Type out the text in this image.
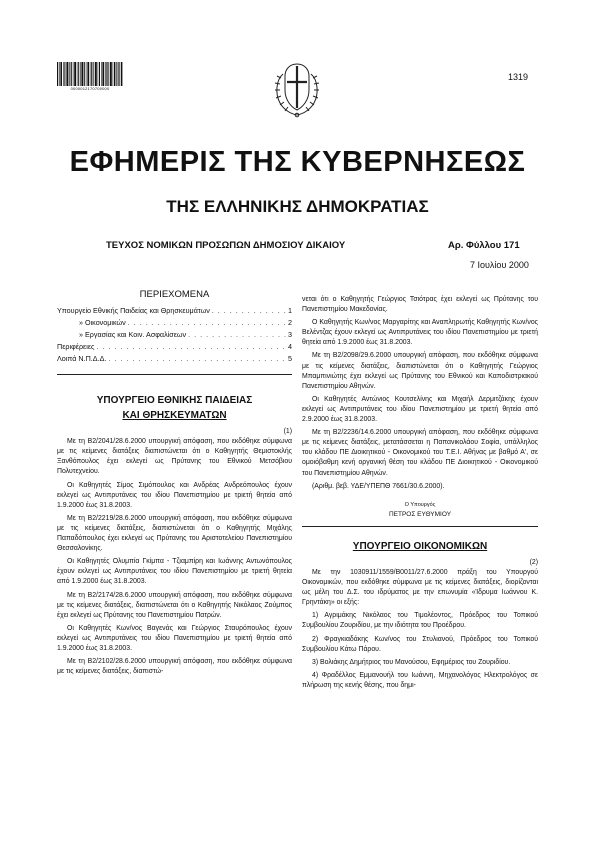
0000012170700000
1319
ΕΦΗΜΕΡΙΣ ΤΗΣ ΚΥΒΕΡΝΗΣΕΩΣ
ΤΗΣ ΕΛΛΗΝΙΚΗΣ ΔΗΜΟΚΡΑΤΙΑΣ
ΤΕΥΧΟΣ ΝΟΜΙΚΩΝ ΠΡΟΣΩΠΩΝ ΔΗΜΟΣΙΟΥ ΔΙΚΑΙΟΥ	Αρ. Φύλλου 171
7 Ιουλίου 2000
ΠΕΡΙΕΧΟΜΕΝΑ
Υπουργείο Εθνικής Παιδείας και Θρησκευμάτων . . .	1
» Οικονομικών . . .	2
» Εργασίας και Κοιν. Ασφαλίσεων . . .	3
Περιφέρειες . . .	4
Λοιπά Ν.Π.Δ.Δ. . . .	5
ΥΠΟΥΡΓΕΙΟ ΕΘΝΙΚΗΣ ΠΑΙΔΕΙΑΣ
ΚΑΙ ΘΡΗΣΚΕΥΜΑΤΩΝ
(1)

Με τη Β2/2041/28.6.2000 υπουργική απόφαση, που εκδόθηκε σύμφωνα με τις κείμενες διατάξεις διαπιστώνεται ότι ο Καθηγητής Θεμιστοκλής Ξανθόπουλος έχει εκλεγεί ως Πρύτανης του Εθνικού Μετσόβιου Πολυτεχνείου.

Οι Καθηγητές Σίμος Σιμόπουλος και Ανδρέας Ανδρεόπουλος έχουν εκλεγεί ως Αντιπρυτάνεις του ιδίου Πανεπιστημίου με τριετή θητεία από 1.9.2000 έως 31.8.2003.

Με τη Β2/2219/28.6.2000 υπουργική απόφαση, που εκδόθηκε σύμφωνα με τις κείμενες διατάξεις, διαπιστώνεται ότι ο Καθηγητής Μιχάλης Παπαδόπουλος έχει εκλεγεί ως Πρύτανης του Αριστοτελείου Πανεπιστημίου Θεσσαλονίκης.

Οι Καθηγητές Ολυμπία Γκίμπα - Τζιαμπίρη και Ιωάννης Αντωνόπουλος έχουν εκλεγεί ως Αντιπρυτάνεις του ιδίου Πανεπιστημίου με τριετή θητεία από 1.9.2000 έως 31.8.2003.

Με τη Β2/2174/28.6.2000 υπουργική απόφαση, που εκδόθηκε σύμφωνα με τις κείμενες διατάξεις, διαπιστώνεται ότι ο Καθηγητής Νικόλαος Ζούμπος έχει εκλεγεί ως Πρύτανης του Πανεπιστημίου Πατρών.

Οι Καθηγητές Κων/νος Βαγενάς και Γεώργιος Σταυρόπουλος έχουν εκλεγεί ως Αντιπρυτάνεις του ιδίου Πανεπιστημίου με τριετή θητεία από 1.9.2000 έως 31.8.2003.

Με τη Β2/2102/28.6.2000 υπουργική απόφαση, που εκδόθηκε σύμφωνα με τις κείμενες διατάξεις, διαπιστώ-

νεται ότι ο Καθηγητής Γεώργιος Τσιότρας έχει εκλεγεί ως Πρύτανης του Πανεπιστημίου Μακεδονίας.

Ο Καθηγητής Κων/νος Μαργαρίτης και Αναπληρωτής Καθηγητής Κων/νος Βελέντζας έχουν εκλεγεί ως Αντιπρυτάνεις του ιδίου Πανεπιστημίου με τριετή θητεία από 1.9.2000 έως 31.8.2003.

Με τη Β2/2098/29.6.2000 υπουργική απόφαση, που εκδόθηκε σύμφωνα με τις κείμενες διατάξεις, διαπιστώνεται ότι ο Καθηγητής Γεώργιος Μπαμπινιώτης έχει εκλεγεί ως Πρύτανης του Εθνικού και Καποδιστριακού Πανεπιστημίου Αθηνών.

Οι Καθηγητές Αντώνιος Κουτσελίνης και Μιχαήλ Δερμιτζάκης έχουν εκλεγεί ως Αντιπρυτάνεις του ιδίου Πανεπιστημίου με τριετή θητεία από 2.9.2000 έως 31.8.2003.

Με τη Β2/2236/14.6.2000 υπουργική απόφαση, που εκδόθηκε σύμφωνα με τις κείμενες διατάξεις, μετατάσσεται η Παπανικολάου Σοφία, υπάλληλος του κλάδου ΠΕ Διοικητικού - Οικονομικού του Τ.Ε.Ι. Αθήνας με βαθμό Α', σε ομοιόβαθμη κενή οργανική θέση του κλάδου ΠΕ Διοικητικού - Οικονομικού του Πανεπιστημίου Αθηνών.

(Αριθμ. βεβ. ΥΔΕ/ΥΠΕΠΘ 7661/30.6.2000).

Ο Υπουργός
ΠΕΤΡΟΣ ΕΥΘΥΜΙΟΥ
ΥΠΟΥΡΓΕΙΟ ΟΙΚΟΝΟΜΙΚΩΝ
(2)

Με την 1030911/1559/Β0011/27.6.2000 πράξη του Υπουργού Οικονομικών, που εκδόθηκε σύμφωνα με τις κείμενες διατάξεις, διορίζονται ως μέλη του Δ.Σ. του ιδρύματος με την επωνυμία «Ίδρυμα Ιωάννου Κ. Γρηντάκη» οι εξής:

1) Αγριμάκης Νικόλαος του Τιμολέοντος, Πρόεδρος του Τοπικού Συμβουλίου Ζουριδίου, με την ιδιότητα του Προέδρου.

2) Φραγκιαδάκης Κων/νος του Στυλιανού, Πρόεδρος του Τοπικού Συμβουλίου Κάτω Πάρου.

3) Βολιάκης Δημήτριος του Μανούσου, Εφημέριος του Ζουριδίου.

4) Φραδέλλος Εμμανουήλ του Ιωάννη, Μηχανολόγος Ηλεκτρολόγος σε πλήρωση της κενής θέσης, που δημι-
